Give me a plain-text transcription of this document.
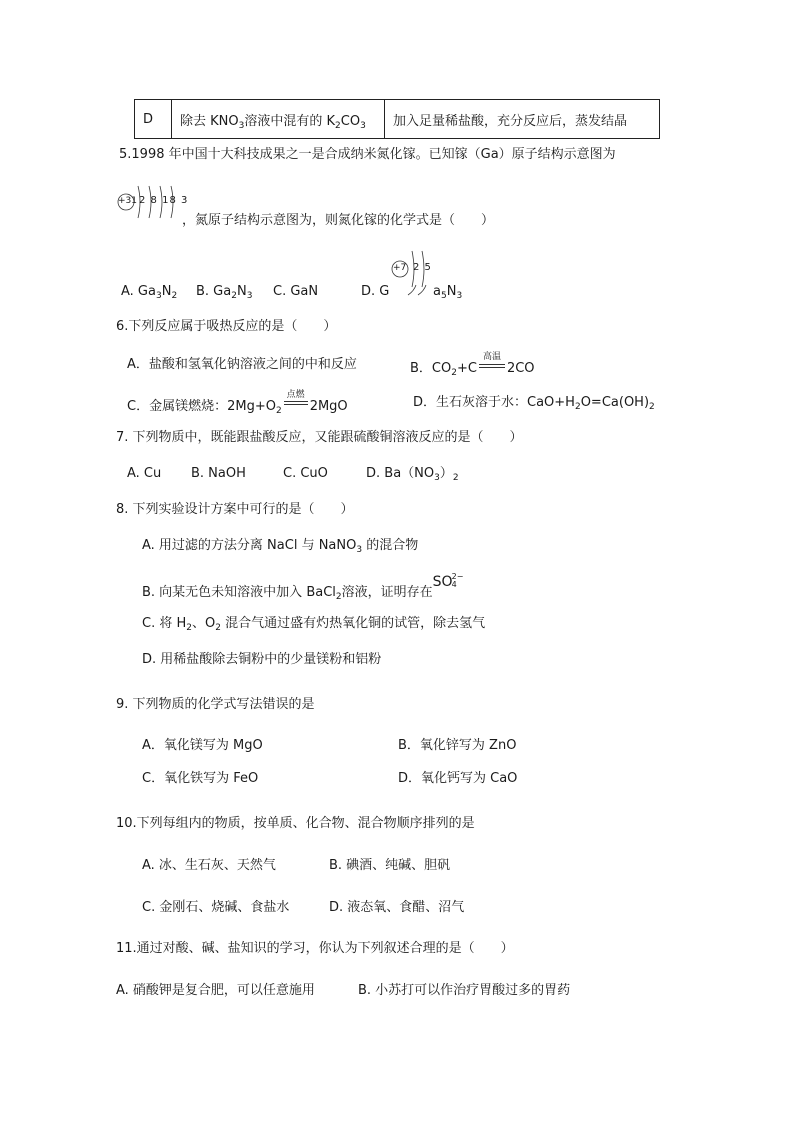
D	除去 $KNO_3$溶液中混有的 $K_2CO_3$	加入足量稀盐酸，充分反应后，蒸发结晶
5.1998 年中国十大科技成果之一是合成纳米氮化镓。已知镓（Ga）原子结构示意图为
+31 2 8 18 3
，氮原子结构示意图为，则氮化镓的化学式是（　　）
A. $Ga_3N_2$ B. $Ga_2N_3$ C. GaN	D. G
+7 2 5
$a_5N_3$
6.下列反应属于吸热反应的是（　　）
A．盐酸和氢氧化钠溶液之间的中和反应	B．$CO_2+C$
高温
2CO
C．金属镁燃烧：$2Mg+O_2$
点燃
2MgO	D．生石灰溶于水：$CaO+H_2O=Ca(OH)_2$
7. 下列物质中，既能跟盐酸反应，又能跟硫酸铜溶液反应的是（　　）
A. Cu B. NaOH	C. CuO	D. $Ba(NO_3)_2$
8. 下列实验设计方案中可行的是（　　）
A. 用过滤的方法分离 NaCl 与 NaNO$_3$ 的混合物
B. 向某无色未知溶液中加入 BaCl$_2$溶液，证明存在
SO 2−
4
C. 将 $H_2$、$O_2$ 混合气通过盛有灼热氧化铜的试管，除去氢气
D. 用稀盐酸除去铜粉中的少量镁粉和铝粉
9. 下列物质的化学式写法错误的是
A．氧化镁写为 MgO	B．氧化锌写为 ZnO
C．氧化铁写为 FeO	D．氧化钙写为 CaO
10.下列每组内的物质，按单质、化合物、混合物顺序排列的是
A. 冰、生石灰、天然气	B. 碘酒、纯碱、胆矾
C. 金刚石、烧碱、食盐水	D. 液态氧、食醋、沼气
11.通过对酸、碱、盐知识的学习，你认为下列叙述合理的是（　　）
A. 硝酸钾是复合肥，可以任意施用	B. 小苏打可以作治疗胃酸过多的胃药
